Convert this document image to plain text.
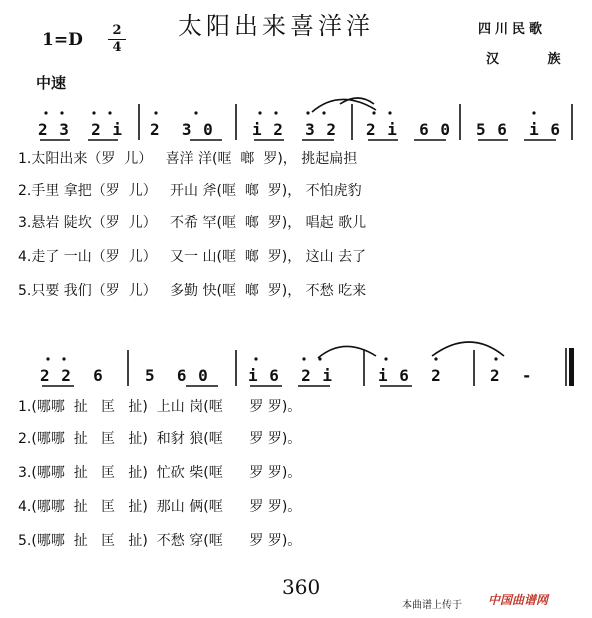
太阳出来喜洋洋	四川民歌
汉 族
1=D	2
4
中速
2 3  2 i 2  3 0 i 2  3 2 2 i  6 0 5 6  i 6
1.太阳出来（罗  儿）   喜洋 洋(哐  啷  罗)， 挑起扁担
2.手里 拿把（罗  儿）   开山 斧(哐  啷  罗)， 不怕虎豹
3.悬岩 陡坎（罗  儿）   不希 罕(哐  啷  罗)， 唱起 歌儿
4.走了 一山（罗  儿）   又一 山(哐  啷  罗)， 这山 去了
5.只要 我们（罗  儿）   多勤 快(哐  啷  罗)， 不愁 吃来
2 2  6	5  6 0 i 6  2 i	i 6  2	2  -
1.(哪哪  扯   匡   扯)  上山 岗(哐      罗 罗)。
2.(哪哪  扯   匡   扯)  和豺 狼(哐      罗 罗)。
3.(哪哪  扯   匡   扯)  忙砍 柴(哐      罗 罗)。
4.(哪哪  扯   匡   扯)  那山 俩(哐      罗 罗)。
5.(哪哪  扯   匡   扯)  不愁 穿(哐      罗 罗)。
360
本曲谱上传于 中国曲谱网
